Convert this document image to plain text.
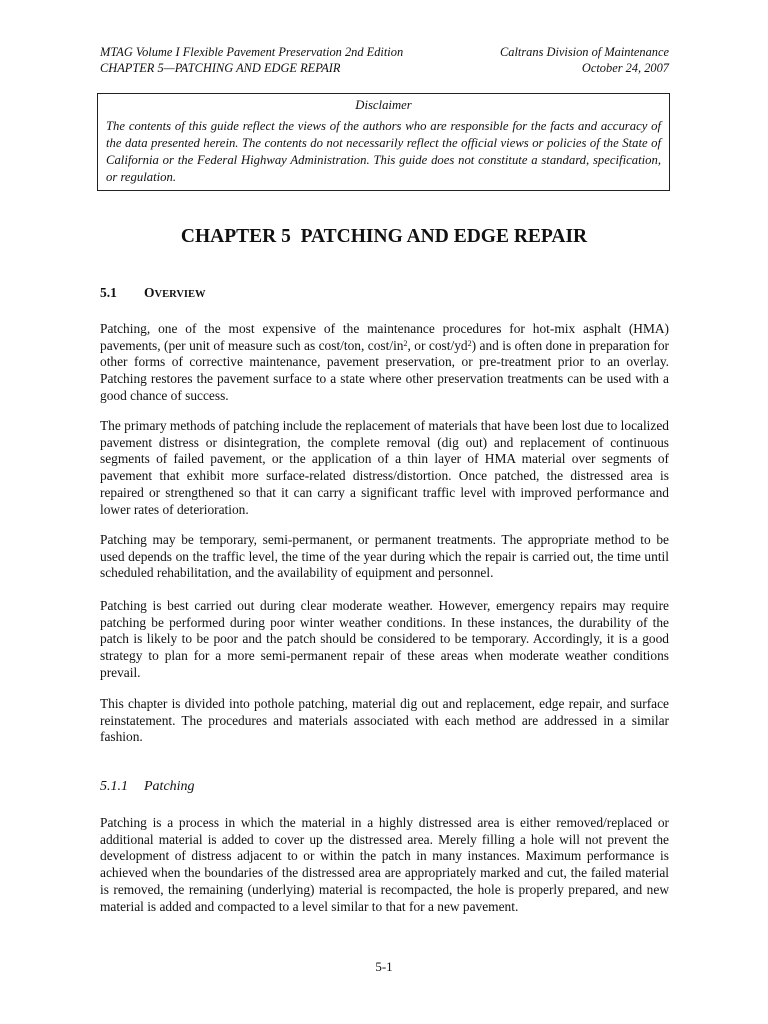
MTAG Volume I Flexible Pavement Preservation 2nd Edition	Caltrans Division of Maintenance
CHAPTER 5—PATCHING AND EDGE REPAIR	October 24, 2007
Disclaimer
The contents of this guide reflect the views of the authors who are responsible for the facts and accuracy of the data presented herein. The contents do not necessarily reflect the official views or policies of the State of California or the Federal Highway Administration. This guide does not constitute a standard, specification, or regulation.
CHAPTER 5  PATCHING AND EDGE REPAIR
5.1 OVERVIEW

Patching, one of the most expensive of the maintenance procedures for hot-mix asphalt (HMA) pavements, (per unit of measure such as cost/ton, cost/$in^2$, or cost/$yd^2$) and is often done in preparation for other forms of corrective maintenance, pavement preservation, or pre-treatment prior to an overlay. Patching restores the pavement surface to a state where other preservation treatments can be used with a good chance of success.

The primary methods of patching include the replacement of materials that have been lost due to localized pavement distress or disintegration, the complete removal (dig out) and replacement of continuous segments of failed pavement, or the application of a thin layer of HMA material over segments of pavement that exhibit more surface-related distress/distortion. Once patched, the distressed area is repaired or strengthened so that it can carry a significant traffic level with improved performance and lower rates of deterioration.

Patching may be temporary, semi-permanent, or permanent treatments. The appropriate method to be used depends on the traffic level, the time of the year during which the repair is carried out, the time until scheduled rehabilitation, and the availability of equipment and personnel.

Patching is best carried out during clear moderate weather. However, emergency repairs may require patching be performed during poor winter weather conditions. In these instances, the durability of the patch is likely to be poor and the patch should be considered to be temporary. Accordingly, it is a good strategy to plan for a more semi-permanent repair of these areas when moderate weather conditions prevail.

This chapter is divided into pothole patching, material dig out and replacement, edge repair, and surface reinstatement. The procedures and materials associated with each method are addressed in a similar fashion.

5.1.1 Patching

Patching is a process in which the material in a highly distressed area is either removed/replaced or additional material is added to cover up the distressed area. Merely filling a hole will not prevent the development of distress adjacent to or within the patch in many instances. Maximum performance is achieved when the boundaries of the distressed area are appropriately marked and cut, the failed material is removed, the remaining (underlying) material is recompacted, the hole is properly prepared, and new material is added and compacted to a level similar to that for a new pavement.

5-1
